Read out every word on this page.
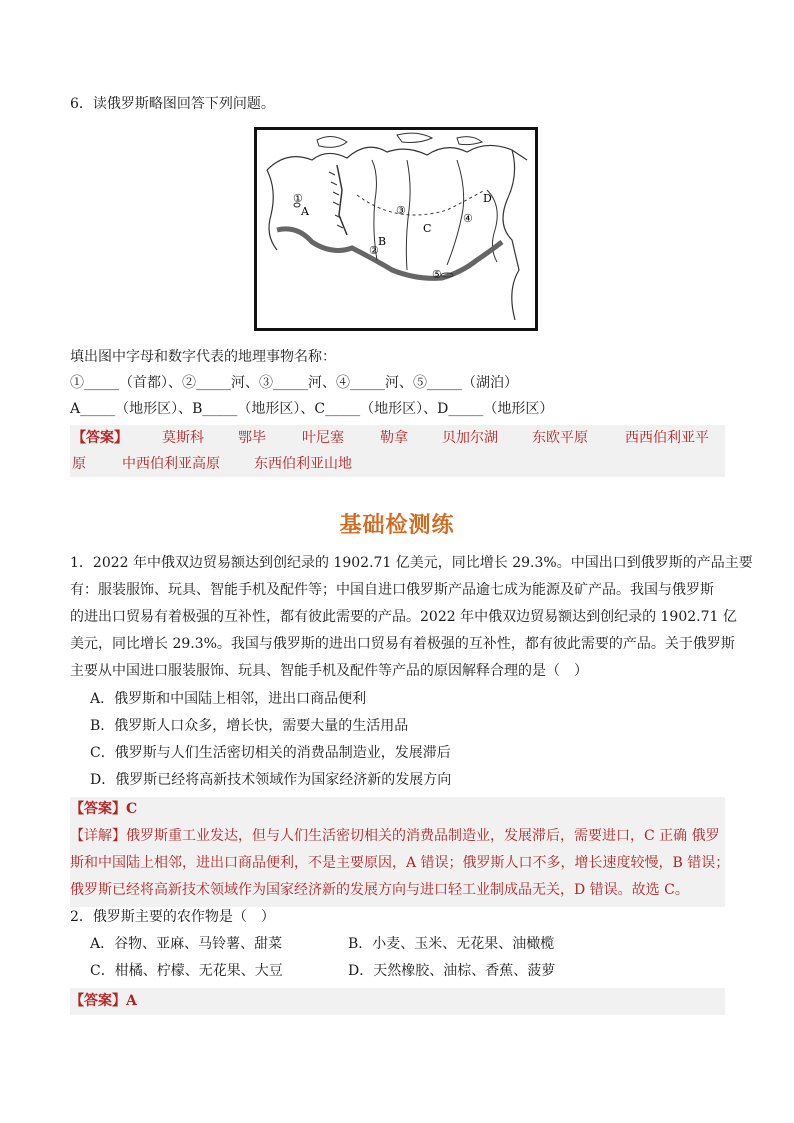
6．读俄罗斯略图回答下列问题。
①
A
B
②
③
C
D
④
⑤
填出图中字母和数字代表的地理事物名称：
①_____（首都）、②_____河、③_____河、④_____河、⑤_____（湖泊）
A_____（地形区）、B_____（地形区）、C_____（地形区）、D_____（地形区）
【答案】 莫斯科 鄂毕	叶尼塞	勒拿 贝加尔湖 东欧平原	西西伯利亚平
原	中西伯利亚高原 东西伯利亚山地
基础检测练
1．2022 年中俄双边贸易额达到创纪录的 1902.71 亿美元，同比增长 29.3%。中国出口到俄罗斯的产品主要
有：服装服饰、玩具、智能手机及配件等；中国自进口俄罗斯产品逾七成为能源及矿产品。我国与俄罗斯
的进出口贸易有着极强的互补性，都有彼此需要的产品。2022 年中俄双边贸易额达到创纪录的 1902.71 亿
美元，同比增长 29.3%。我国与俄罗斯的进出口贸易有着极强的互补性，都有彼此需要的产品。关于俄罗斯
主要从中国进口服装服饰、玩具、智能手机及配件等产品的原因解释合理的是（　）
A．俄罗斯和中国陆上相邻，进出口商品便利
B．俄罗斯人口众多，增长快，需要大量的生活用品
C．俄罗斯与人们生活密切相关的消费品制造业，发展滞后
D．俄罗斯已经将高新技术领域作为国家经济新的发展方向
【答案】C
【详解】俄罗斯重工业发达，但与人们生活密切相关的消费品制造业，发展滞后，需要进口，C 正确 俄罗
斯和中国陆上相邻，进出口商品便利，不是主要原因，A 错误；俄罗斯人口不多，增长速度较慢，B 错误；
俄罗斯已经将高新技术领域作为国家经济新的发展方向与进口轻工业制成品无关，D 错误。故选 C。
2．俄罗斯主要的农作物是（　）
A．谷物、亚麻、马铃薯、甜菜	B．小麦、玉米、无花果、油橄榄
C．柑橘、柠檬、无花果、大豆	D．天然橡胶、油棕、香蕉、菠萝
【答案】A
